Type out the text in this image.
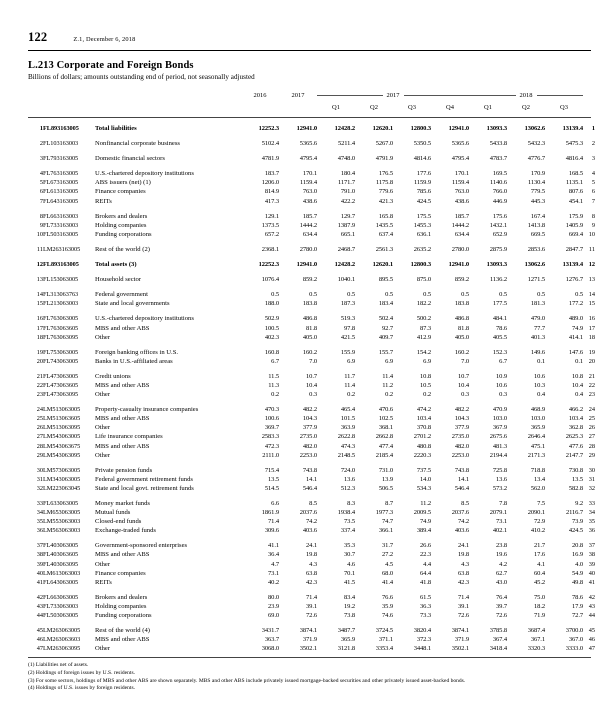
122	Z.1, December 6, 2018
L.213 Corporate and Foreign Bonds
Billions of dollars; amounts outstanding end of period, not seasonally adjusted
			2016	2017	2017				2018			

					Q1	Q2	Q3	Q4	Q1	Q2	Q3	
1	FL893163005	Total liabilities	12252.3	12941.0	12428.2	12620.1	12800.3	12941.0	13093.3	13062.6	13139.4	1

2	FL103163003	Nonfinancial corporate business	5102.4	5365.6	5211.4	5267.0	5350.5	5365.6	5433.8	5432.3	5475.3	2

3	FL793163005	Domestic financial sectors	4781.9	4795.4	4748.0	4791.9	4814.6	4795.4	4783.7	4776.7	4816.4	3

4	FL763163005	U.S.-chartered depository institutions	183.7	170.1	180.4	176.5	177.6	170.1	169.5	170.9	168.5	4
5	FL673163005	ABS issuers (net) (1)	1206.0	1159.4	1171.7	1175.8	1159.9	1159.4	1140.6	1130.4	1135.1	5
6	FL613163005	Finance companies	814.9	763.0	791.0	779.6	785.6	763.0	766.0	779.5	807.6	6
7	FL643163005	REITs	417.3	438.6	422.2	421.3	424.5	438.6	446.9	445.3	454.1	7

8	FL663163003	Brokers and dealers	129.1	185.7	129.7	165.8	175.5	185.7	175.6	167.4	175.9	8
9	FL733163003	Holding companies	1373.5	1444.2	1387.9	1435.5	1455.3	1444.2	1432.1	1413.8	1405.9	9
10	FL503163005	Funding corporations	657.2	634.4	665.1	637.4	636.1	634.4	652.9	669.5	669.4	10

11	LM263163005	Rest of the world (2)	2368.1	2780.0	2468.7	2561.3	2635.2	2780.0	2875.9	2853.6	2847.7	11

12	FL893163005	Total assets (3)	12252.3	12941.0	12428.2	12620.1	12800.3	12941.0	13093.3	13062.6	13139.4	12

13	FL153063005	Household sector	1076.4	859.2	1040.1	895.5	875.0	859.2	1136.2	1271.5	1276.7	13

14	FL313063763	Federal government	0.5	0.5	0.5	0.5	0.5	0.5	0.5	0.5	0.5	14
15	FL213063003	State and local governments	188.0	183.8	187.3	183.4	182.2	183.8	177.5	181.3	177.2	15

16	FL763063005	U.S.-chartered depository institutions	502.9	486.8	519.3	502.4	500.2	486.8	484.1	479.0	489.0	16
17	FL763063605	MBS and other ABS	100.5	81.8	97.8	92.7	87.3	81.8	78.6	77.7	74.9	17
18	FL763063095	Other	402.3	405.0	421.5	409.7	412.9	405.0	405.5	401.3	414.1	18

19	FL753063005	Foreign banking offices in U.S.	160.8	160.2	155.9	155.7	154.2	160.2	152.3	149.6	147.6	19
20	FL743063005	Banks in U.S.-affiliated areas	6.7	7.0	6.9	6.9	6.9	7.0	6.7	0.1	0.1	20

21	FL473063005	Credit unions	11.5	10.7	11.7	11.4	10.8	10.7	10.9	10.6	10.8	21
22	FL473063605	MBS and other ABS	11.3	10.4	11.4	11.2	10.5	10.4	10.6	10.3	10.4	22
23	FL473063095	Other	0.2	0.3	0.2	0.2	0.2	0.3	0.3	0.4	0.4	23

24	LM513063005	Property-casualty insurance companies	470.3	482.2	465.4	470.6	474.2	482.2	470.9	468.9	466.2	24
25	LM513063605	MBS and other ABS	100.6	104.3	101.5	102.5	103.4	104.3	103.0	103.0	103.4	25
26	LM513063095	Other	369.7	377.9	363.9	368.1	370.8	377.9	367.9	365.9	362.8	26
27	LM543063005	Life insurance companies	2583.3	2735.0	2622.8	2662.8	2701.2	2735.0	2675.6	2646.4	2625.3	27
28	LM543063675	MBS and other ABS	472.3	482.0	474.3	477.4	480.8	482.0	481.3	475.1	477.6	28
29	LM543063095	Other	2111.0	2253.0	2148.5	2185.4	2220.3	2253.0	2194.4	2171.3	2147.7	29

30	LM573063005	Private pension funds	715.4	743.8	724.0	731.0	737.5	743.8	725.8	718.8	730.8	30
31	LM343063005	Federal government retirement funds	13.5	14.1	13.6	13.9	14.0	14.1	13.6	13.4	13.5	31
32	LM223063045	State and local govt. retirement funds	514.5	546.4	512.3	506.5	534.3	546.4	573.2	562.0	582.8	32

33	FL633063005	Money market funds	6.6	8.5	8.3	8.7	11.2	8.5	7.8	7.5	9.2	33
34	LM653063005	Mutual funds	1861.9	2037.6	1938.4	1977.3	2009.5	2037.6	2079.1	2090.1	2116.7	34
35	LM553063003	Closed-end funds	71.4	74.2	73.5	74.7	74.9	74.2	73.1	72.9	73.9	35
36	LM563063003	Exchange-traded funds	309.6	403.6	337.4	366.1	389.4	403.6	402.1	410.2	424.5	36

37	FL403063005	Government-sponsored enterprises	41.1	24.1	35.3	31.7	26.6	24.1	23.8	21.7	20.8	37
38	FL403063605	MBS and other ABS	36.4	19.8	30.7	27.2	22.3	19.8	19.6	17.6	16.9	38
39	FL403063095	Other	4.7	4.3	4.6	4.5	4.4	4.3	4.2	4.1	4.0	39
40	LM613063003	Finance companies	73.1	63.8	70.1	68.0	64.4	63.8	62.7	60.4	54.9	40
41	FL643063005	REITs	40.2	42.3	41.5	41.4	41.8	42.3	43.0	45.2	49.8	41

42	FL663063005	Brokers and dealers	80.0	71.4	83.4	76.6	61.5	71.4	76.4	75.0	78.6	42
43	FL733063003	Holding companies	23.9	39.1	19.2	35.9	36.3	39.1	39.7	18.2	17.9	43
44	FL503063005	Funding corporations	69.0	72.6	73.8	74.6	73.3	72.6	72.6	71.9	72.7	44

45	LM263063005	Rest of the world (4)	3431.7	3874.1	3487.7	3724.5	3820.4	3874.1	3785.8	3687.4	3700.0	45
46	LM263063603	MBS and other ABS	363.7	371.9	365.9	371.1	372.3	371.9	367.4	367.1	367.0	46
47	LM263063095	Other	3068.0	3502.1	3121.8	3353.4	3448.1	3502.1	3418.4	3320.3	3333.0	47
(1) Liabilities net of assets.
(2) Holdings of foreign issues by U.S. residents.
(3) For some sectors, holdings of MBS and other ABS are shown separately. MBS and other ABS include privately issued mortgage-backed securities and other privately issued asset-backed bonds.
(4) Holdings of U.S. issues by foreign residents.
